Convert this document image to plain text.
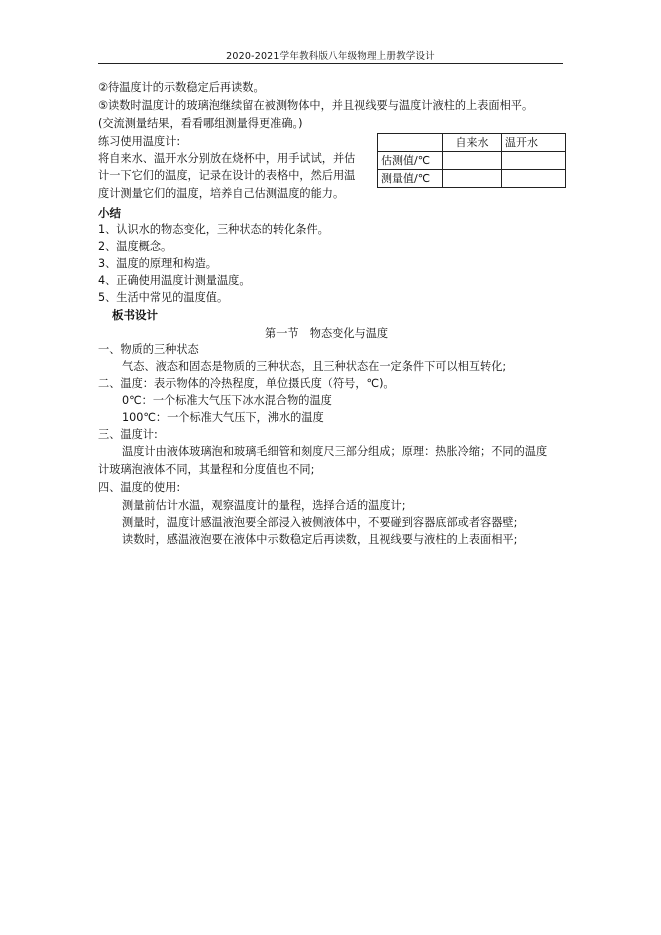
2020-2021学年教科版八年级物理上册教学设计
②待温度计的示数稳定后再读数。
⑤读数时温度计的玻璃泡继续留在被测物体中，并且视线要与温度计液柱的上表面相平。
(交流测量结果，看看哪组测量得更准确。)
练习使用温度计:
将自来水、温开水分别放在烧杯中，用手试试，并估
计一下它们的温度，记录在设计的表格中，然后用温
度计测量它们的温度，培养自己估测温度的能力。
	自来水	温开水
估测值/℃		
测量值/℃		
小结
1、认识水的物态变化，三种状态的转化条件。
2、温度概念。
3、温度的原理和构造。
4、正确使用温度计测量温度。
5、生活中常见的温度值。
板书设计
第一节　物态变化与温度
一、物质的三种状态
气态、液态和固态是物质的三种状态，且三种状态在一定条件下可以相互转化;
二、温度：表示物体的冷热程度，单位摄氏度（符号，℃)。
0℃：一个标准大气压下冰水混合物的温度
100℃：一个标准大气压下，沸水的温度
三、温度计:
温度计由液体玻璃泡和玻璃毛细管和刻度尺三部分组成；原理：热胀冷缩；不同的温度
计玻璃泡液体不同，其量程和分度值也不同;
四、温度的使用:
测量前估计水温，观察温度计的量程，选择合适的温度计;
测量时，温度计感温液泡要全部浸入被侧液体中，不要碰到容器底部或者容器壁;
读数时，感温液泡要在液体中示数稳定后再读数，且视线要与液柱的上表面相平;
